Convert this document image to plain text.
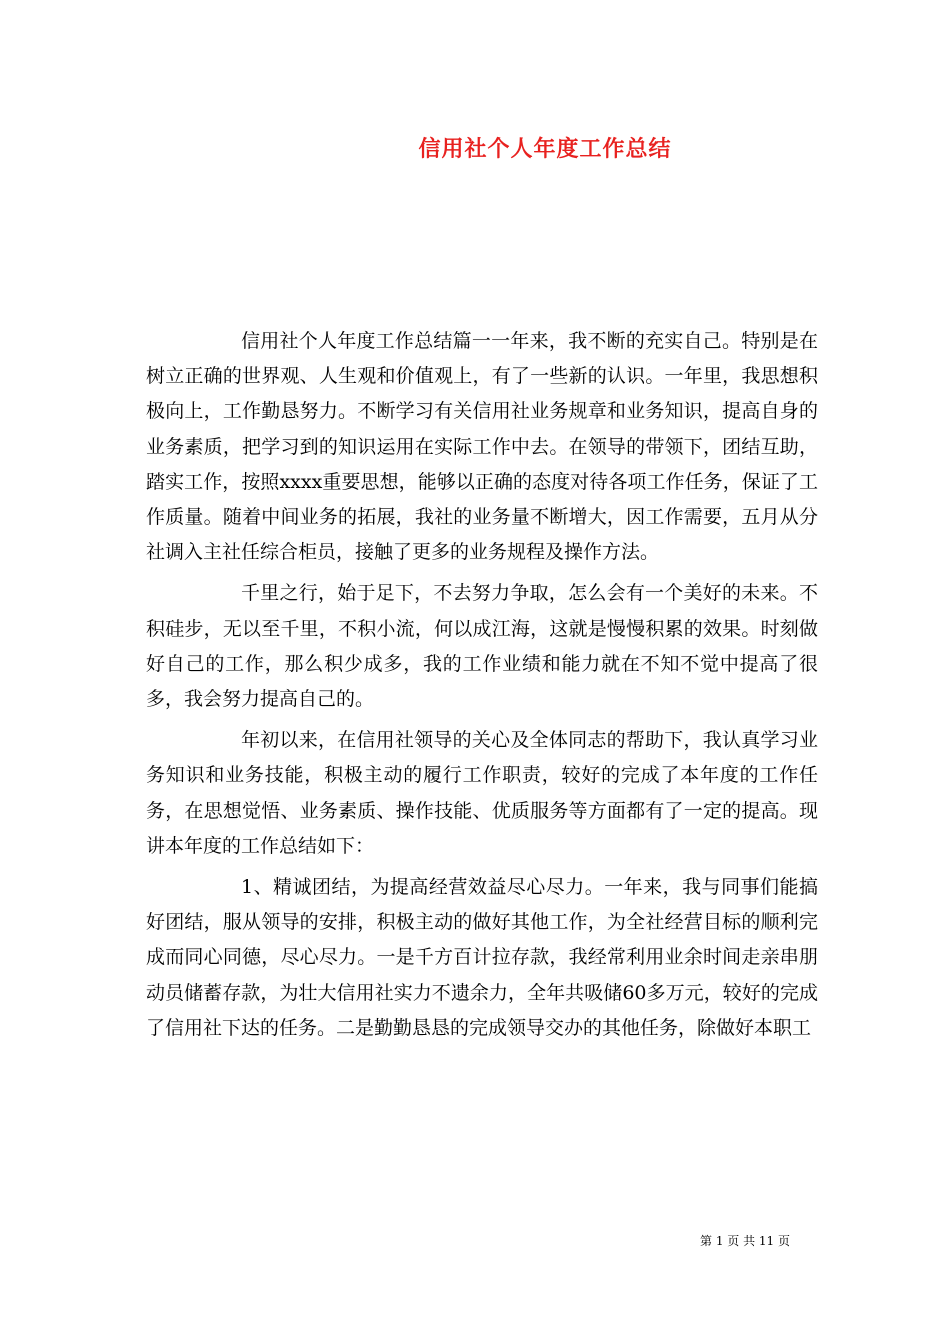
信用社个人年度工作总结

信用社个人年度工作总结篇一一年来，我不断的充实自己。特别是在树立正确的世界观、人生观和价值观上，有了一些新的认识。一年里，我思想积极向上，工作勤恳努力。不断学习有关信用社业务规章和业务知识，提高自身的业务素质，把学习到的知识运用在实际工作中去。在领导的带领下，团结互助，踏实工作，按照xxxx重要思想，能够以正确的态度对待各项工作任务，保证了工作质量。随着中间业务的拓展，我社的业务量不断增大，因工作需要，五月从分社调入主社任综合柜员，接触了更多的业务规程及操作方法。

千里之行，始于足下，不去努力争取，怎么会有一个美好的未来。不积硅步，无以至千里，不积小流，何以成江海，这就是慢慢积累的效果。时刻做好自己的工作，那么积少成多，我的工作业绩和能力就在不知不觉中提高了很多，我会努力提高自己的。

年初以来，在信用社领导的关心及全体同志的帮助下，我认真学习业务知识和业务技能，积极主动的履行工作职责，较好的完成了本年度的工作任务，在思想觉悟、业务素质、操作技能、优质服务等方面都有了一定的提高。现讲本年度的工作总结如下：

1、精诚团结，为提高经营效益尽心尽力。一年来，我与同事们能搞好团结，服从领导的安排，积极主动的做好其他工作，为全社经营目标的顺利完成而同心同德，尽心尽力。一是千方百计拉存款，我经常利用业余时间走亲串朋动员储蓄存款，为壮大信用社实力不遗余力，全年共吸储60多万元，较好的完成了信用社下达的任务。二是勤勤恳恳的完成领导交办的其他任务，除做好本职工

第 1 页 共 11 页
